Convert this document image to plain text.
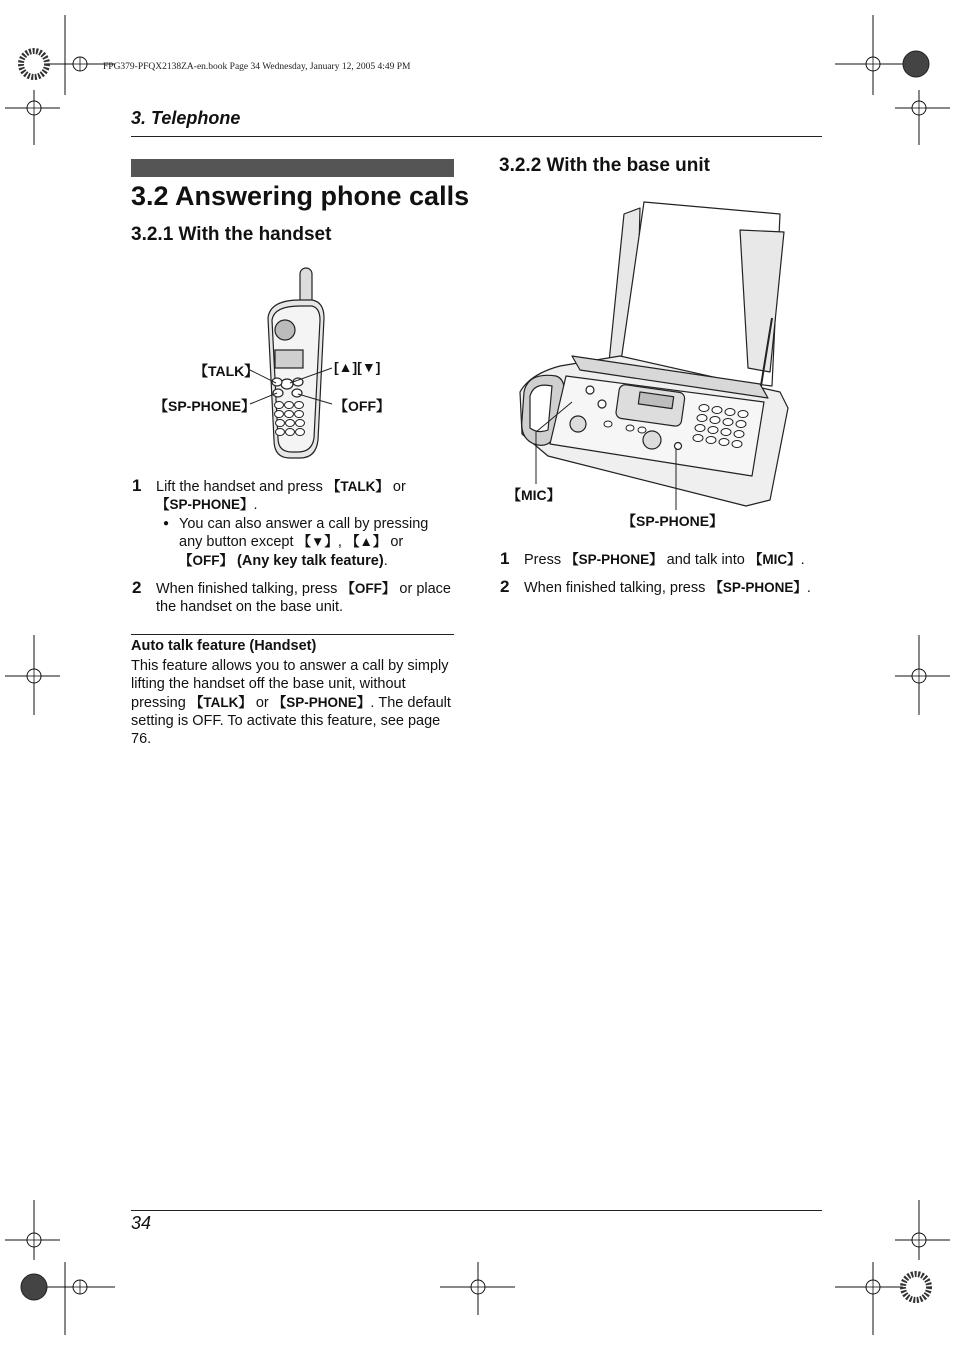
FPG379-PFQX2138ZA-en.book Page 34 Wednesday, January 12, 2005 4:49 PM
3. Telephone
3.2 Answering phone calls
3.2.1 With the handset
【TALK】	[▲][▼]
【SP-PHONE】	【OFF】
1 Lift the handset and press 【TALK】 or 【SP-PHONE】.
● You can also answer a call by pressing any button except 【▼】, 【▲】 or 【OFF】 (Any key talk feature).
2 When finished talking, press 【OFF】 or place the handset on the base unit.
Auto talk feature (Handset)
This feature allows you to answer a call by simply lifting the handset off the base unit, without pressing 【TALK】 or 【SP-PHONE】. The default setting is OFF. To activate this feature, see page 76.
3.2.2 With the base unit
【MIC】
【SP-PHONE】
1 Press 【SP-PHONE】 and talk into 【MIC】.
2 When finished talking, press 【SP-PHONE】.
34
